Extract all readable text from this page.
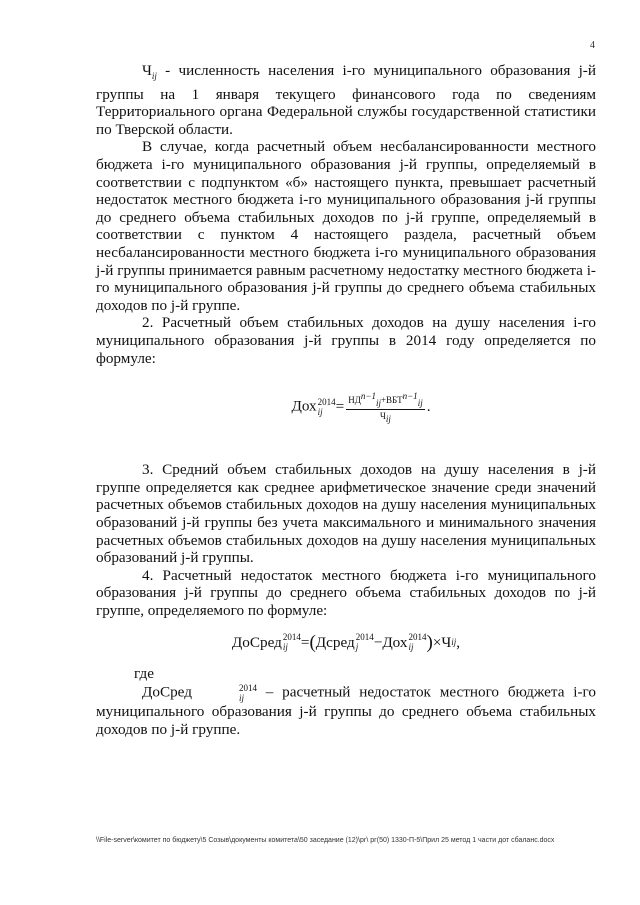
4

$Ч_{ij}$ - численность населения i-го муниципального образования j-й группы на 1 января текущего финансового года по сведениям Территориального органа Федеральной службы государственной статистики по Тверской области.

В случае, когда расчетный объем несбалансированности местного бюджета i-го муниципального образования j-й группы, определяемый в соответствии с подпунктом «б» настоящего пункта, превышает расчетный недостаток местного бюджета i-го муниципального образования j-й группы до среднего объема стабильных доходов по j-й группе, определяемый в соответствии с пунктом 4 настоящего раздела, расчетный объем несбалансированности местного бюджета i-го муниципального образования j-й группы принимается равным расчетному недостатку местного бюджета i-го муниципального образования j-й группы до среднего объема стабильных доходов по j-й группе.

2. Расчетный объем стабильных доходов на душу населения i-го муниципального образования j-й группы в 2014 году определяется по формуле:

Дох 2014
ij = $\frac{НД^{n-1}_{ij}+ВБТ^{n-1}_{ij}}{Ч_{ij}}$ .

3. Средний объем стабильных доходов на душу населения в j-й группе определяется как среднее арифметическое значение среди значений расчетных объемов стабильных доходов на душу населения муниципальных образований j-й группы без учета максимального и минимального значения расчетных объемов стабильных доходов на душу населения муниципальных образований j-й группы.

4. Расчетный недостаток местного бюджета i-го муниципального образования j-й группы до среднего объема стабильных доходов по j-й группе, определяемого по формуле:

ДоСред 2014
ij = ( Дсред 2014
j	− Дох 2014
ij ) × Ч ij ,

где

ДоСред	2014
ij – расчетный недостаток местного бюджета i-го муниципального образования j-й группы до среднего объема стабильных доходов по j-й группе.

\\File-server\комитет по бюджету\5 Созыв\документы комитета\50 заседание (12)\рг\ рг(50) 1330-П-5\Прил 25 метод 1 части дот сбаланс.docx
